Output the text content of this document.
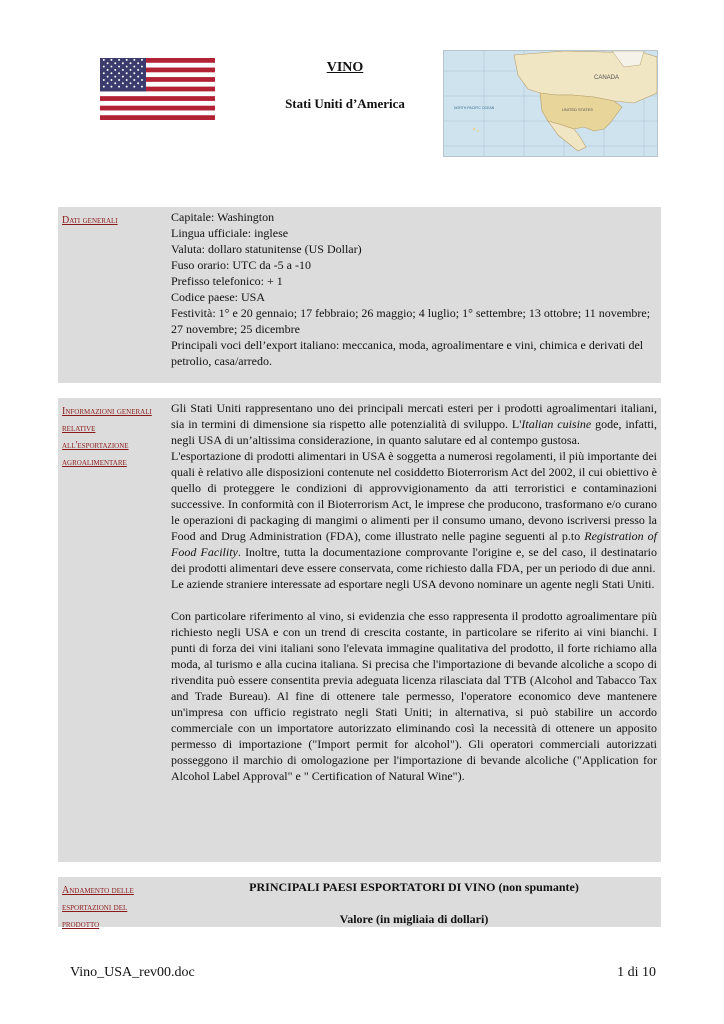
VINO

Stati Uniti d’America

CANADA
NORTH PACIFIC OCEAN	UNITED STATES
Dati generali	Capitale: Washington

Lingua ufficiale: inglese

Valuta: dollaro statunitense (US Dollar)

Fuso orario: UTC da -5 a -10

Prefisso telefonico: + 1

Codice paese: USA

Festività: 1° e 20 gennaio; 17 febbraio; 26 maggio; 4 luglio; 1° settembre; 13 ottobre; 11 novembre; 27 novembre; 25 dicembre

Principali voci dell’export italiano: meccanica, moda, agroalimentare e vini, chimica e derivati del petrolio, casa/arredo.

Informazioni generali relative all'esportazione agroalimentare

Gli Stati Uniti rappresentano uno dei principali mercati esteri per i prodotti agroalimentari italiani, sia in termini di dimensione sia rispetto alle potenzialità di sviluppo. L'Italian cuisine gode, infatti, negli USA di un’altissima considerazione, in quanto salutare ed al contempo gustosa.

L'esportazione di prodotti alimentari in USA è soggetta a numerosi regolamenti, il più importante dei quali è relativo alle disposizioni contenute nel cosiddetto Bioterrorism Act del 2002, il cui obiettivo è quello di proteggere le condizioni di approvvigionamento da atti terroristici e contaminazioni successive. In conformità con il Bioterrorism Act, le imprese che producono, trasformano e/o curano le operazioni di packaging di mangimi o alimenti per il consumo umano, devono iscriversi presso la Food and Drug Administration (FDA), come illustrato nelle pagine seguenti al p.to Registration of Food Facility. Inoltre, tutta la documentazione comprovante l'origine e, se del caso, il destinatario dei prodotti alimentari deve essere conservata, come richiesto dalla FDA, per un periodo di due anni.

Le aziende straniere interessate ad esportare negli USA devono nominare un agente negli Stati Uniti.

Con particolare riferimento al vino, si evidenzia che esso rappresenta il prodotto agroalimentare più richiesto negli USA e con un trend di crescita costante, in particolare se riferito ai vini bianchi. I punti di forza dei vini italiani sono l'elevata immagine qualitativa del prodotto, il forte richiamo alla moda, al turismo e alla cucina italiana. Si precisa che l'importazione di bevande alcoliche a scopo di rivendita può essere consentita previa adeguata licenza rilasciata dal TTB (Alcohol and Tabacco Tax and Trade Bureau). Al fine di ottenere tale permesso, l'operatore economico deve mantenere un'impresa con ufficio registrato negli Stati Uniti; in alternativa, si può stabilire un accordo commerciale con un importatore autorizzato eliminando così la necessità di ottenere un apposito permesso di importazione ("Import permit for alcohol"). Gli operatori commerciali autorizzati posseggono il marchio di omologazione per l'importazione di bevande alcoliche ("Application for Alcohol Label Approval" e " Certification of Natural Wine").

Andamento delle esportazioni del prodotto
PRINCIPALI PAESI ESPORTATORI DI VINO (non spumante)
Valore (in migliaia di dollari)
Vino_USA_rev00.doc	1 di 10
